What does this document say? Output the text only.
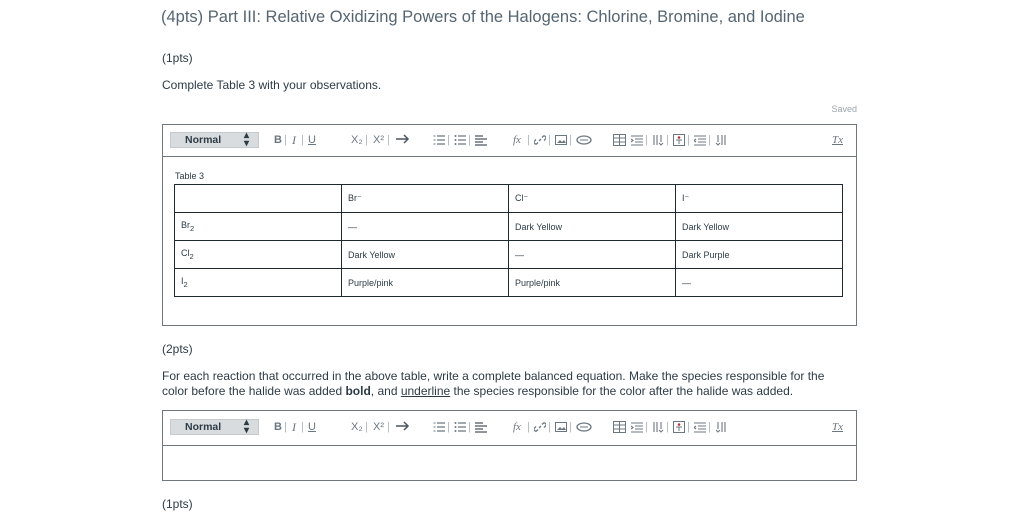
(4pts) Part III: Relative Oxidizing Powers of the Halogens: Chlorine, Bromine, and Iodine
(1pts)
Complete Table 3 with your observations.
Saved
Normal ▴
▾ B | I | U	X₂ | X² |	| |	fx | | |	| | | |	Tx
Table 3
	Br⁻	Cl⁻	I⁻
$Br_2$	—	Dark Yellow	Dark Yellow
$Cl_2$	Dark Yellow	—	Dark Purple
$I_2$	Purple/pink	Purple/pink	—
(2pts)
For each reaction that occurred in the above table, write a complete balanced equation. Make the species responsible for the color before the halide was added bold, and underline the species responsible for the color after the halide was added.
Normal ▴
▾ B | I | U	X₂ | X² |	| |	fx | | |	| | | |	Tx
(1pts)
